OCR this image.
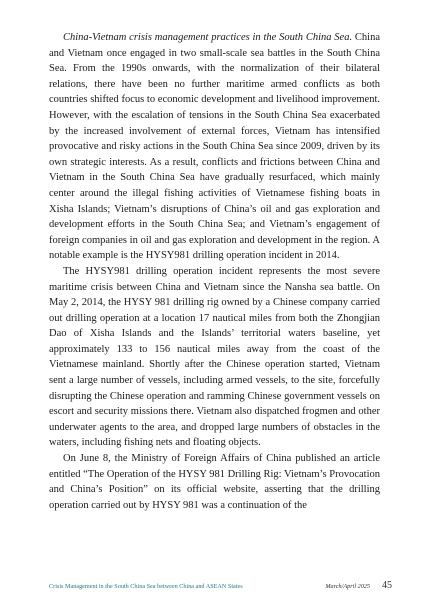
China-Vietnam crisis management practices in the South China Sea. China and Vietnam once engaged in two small-scale sea battles in the South China Sea. From the 1990s onwards, with the normalization of their bilateral relations, there have been no further maritime armed conflicts as both countries shifted focus to economic development and livelihood improvement. However, with the escalation of tensions in the South China Sea exacerbated by the increased involvement of external forces, Vietnam has intensified provocative and risky actions in the South China Sea since 2009, driven by its own strategic interests. As a result, conflicts and frictions between China and Vietnam in the South China Sea have gradually resurfaced, which mainly center around the illegal fishing activities of Vietnamese fishing boats in Xisha Islands; Vietnam’s disruptions of China’s oil and gas exploration and development efforts in the South China Sea; and Vietnam’s engagement of foreign companies in oil and gas exploration and development in the region. A notable example is the HYSY981 drilling operation incident in 2014.

The HYSY981 drilling operation incident represents the most severe maritime crisis between China and Vietnam since the Nansha sea battle. On May 2, 2014, the HYSY 981 drilling rig owned by a Chinese company carried out drilling operation at a location 17 nautical miles from both the Zhongjian Dao of Xisha Islands and the Islands’ territorial waters baseline, yet approximately 133 to 156 nautical miles away from the coast of the Vietnamese mainland. Shortly after the Chinese operation started, Vietnam sent a large number of vessels, including armed vessels, to the site, forcefully disrupting the Chinese operation and ramming Chinese government vessels on escort and security missions there. Vietnam also dispatched frogmen and other underwater agents to the area, and dropped large numbers of obstacles in the waters, including fishing nets and floating objects.

On June 8, the Ministry of Foreign Affairs of China published an article entitled “The Operation of the HYSY 981 Drilling Rig: Vietnam’s Provocation and China’s Position” on its official website, asserting that the drilling operation carried out by HYSY 981 was a continuation of the

Crisis Management in the South China Sea between China and ASEAN States	March/April 2025 45
